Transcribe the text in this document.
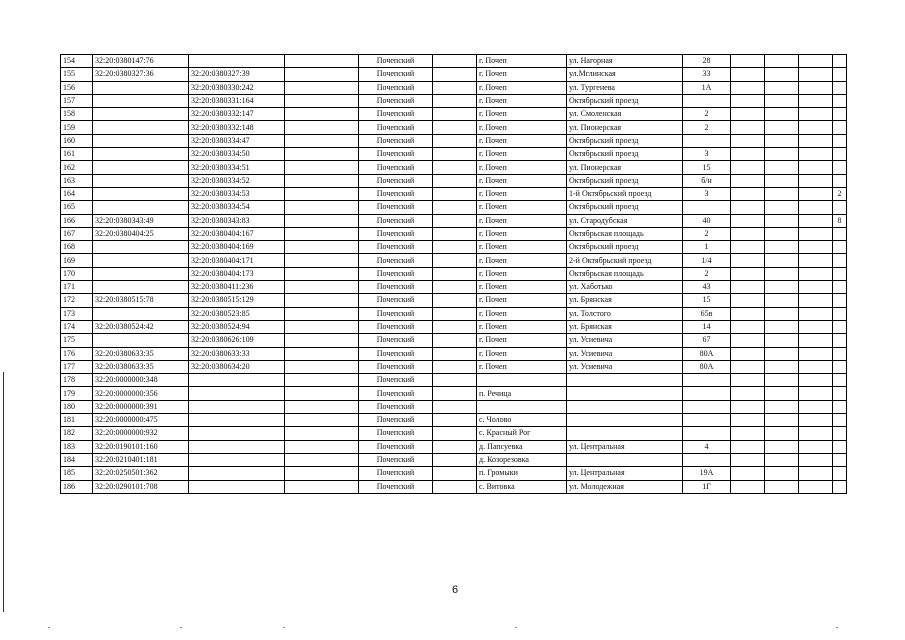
154	32:20:0380147:76			Почепский		г. Почеп	ул. Нагорная	28				
155	32:20:0380327:36	32:20:0380327:39		Почепский		г. Почеп	ул.Мглинская	33				
156		32:20:0380330:242		Почепский		г. Почеп	ул. Тургенева	1А				
157		32:20:0380331:164		Почепский		г. Почеп	Октябрьский проезд					
158		32:20:0380332:147		Почепский		г. Почеп	ул. Смоленская	2				
159		32:20:0380332:148		Почепский		г. Почеп	ул. Пионерская	2				
160		32:20:0380334:47		Почепский		г. Почеп	Октябрьский проезд					
161		32:20:0380334:50		Почепский		г. Почеп	Октябрьский проезд	3				
162		32:20:0380334:51		Почепский		г. Почеп	ул. Пионерская	15				
163		32:20:0380334:52		Почепский		г. Почеп	Октябрьский проезд	б/н				
164		32:20:0380334:53		Почепский		г. Почеп	1-й Октябрьский проезд	3				2
165		32:20:0380334:54		Почепский		г. Почеп	Октябрьский проезд					
166	32:20:0380343:49	32:20:0380343:83		Почепский		г. Почеп	ул. Стародубская	40				8
167	32:20:0380404:25	32:20:0380404:167		Почепский		г. Почеп	Октябрьская площадь	2				
168		32:20:0380404:169		Почепский		г. Почеп	Октябрьский проезд	1				
169		32:20:0380404:171		Почепский		г. Почеп	2-й Октябрьский проезд	1/4				
170		32:20:0380404:173		Почепский		г. Почеп	Октябрьская площадь	2				
171		32:20:0380411:236		Почепский		г. Почеп	ул. Хаботько	43				
172	32:20:0380515:78	32:20:0380515:129		Почепский		г. Почеп	ул. Брянская	15				
173		32:20:0380523:85		Почепский		г. Почеп	ул. Толстого	65в				
174	32:20:0380524:42	32:20:0380524:94		Почепский		г. Почеп	ул. Брянская	14				
175		32:20:0380626:109		Почепский		г. Почеп	ул. Усиевича	67				
176	32:20:0380633:35	32:20:0380633:33		Почепский		г. Почеп	ул. Усиевича	80А				
177	32:20:0380633:35	32:20:0380634:20		Почепский		г. Почеп	ул. Усиевича	80А				
178	32:20:0000000:348			Почепский								
179	32:20:0000000:356			Почепский		п. Речица						
180	32:20:0000000:391			Почепский								
181	32:20:0000000:475			Почепский		с. Чолово						
182	32:20:0000000:932			Почепский		с. Красный Рог						
183	32:20:0190101:160			Почепский		д. Папсуевка	ул. Центральная	4				
184	32:20:0210401:181			Почепский		д. Козорезовка						
185	32:20:0250501:362			Почепский		п. Громыки	ул. Центральная	19А				
186	32:20:0290101:708			Почепский		с. Витовка	ул. Молодежная	1Г				
6
